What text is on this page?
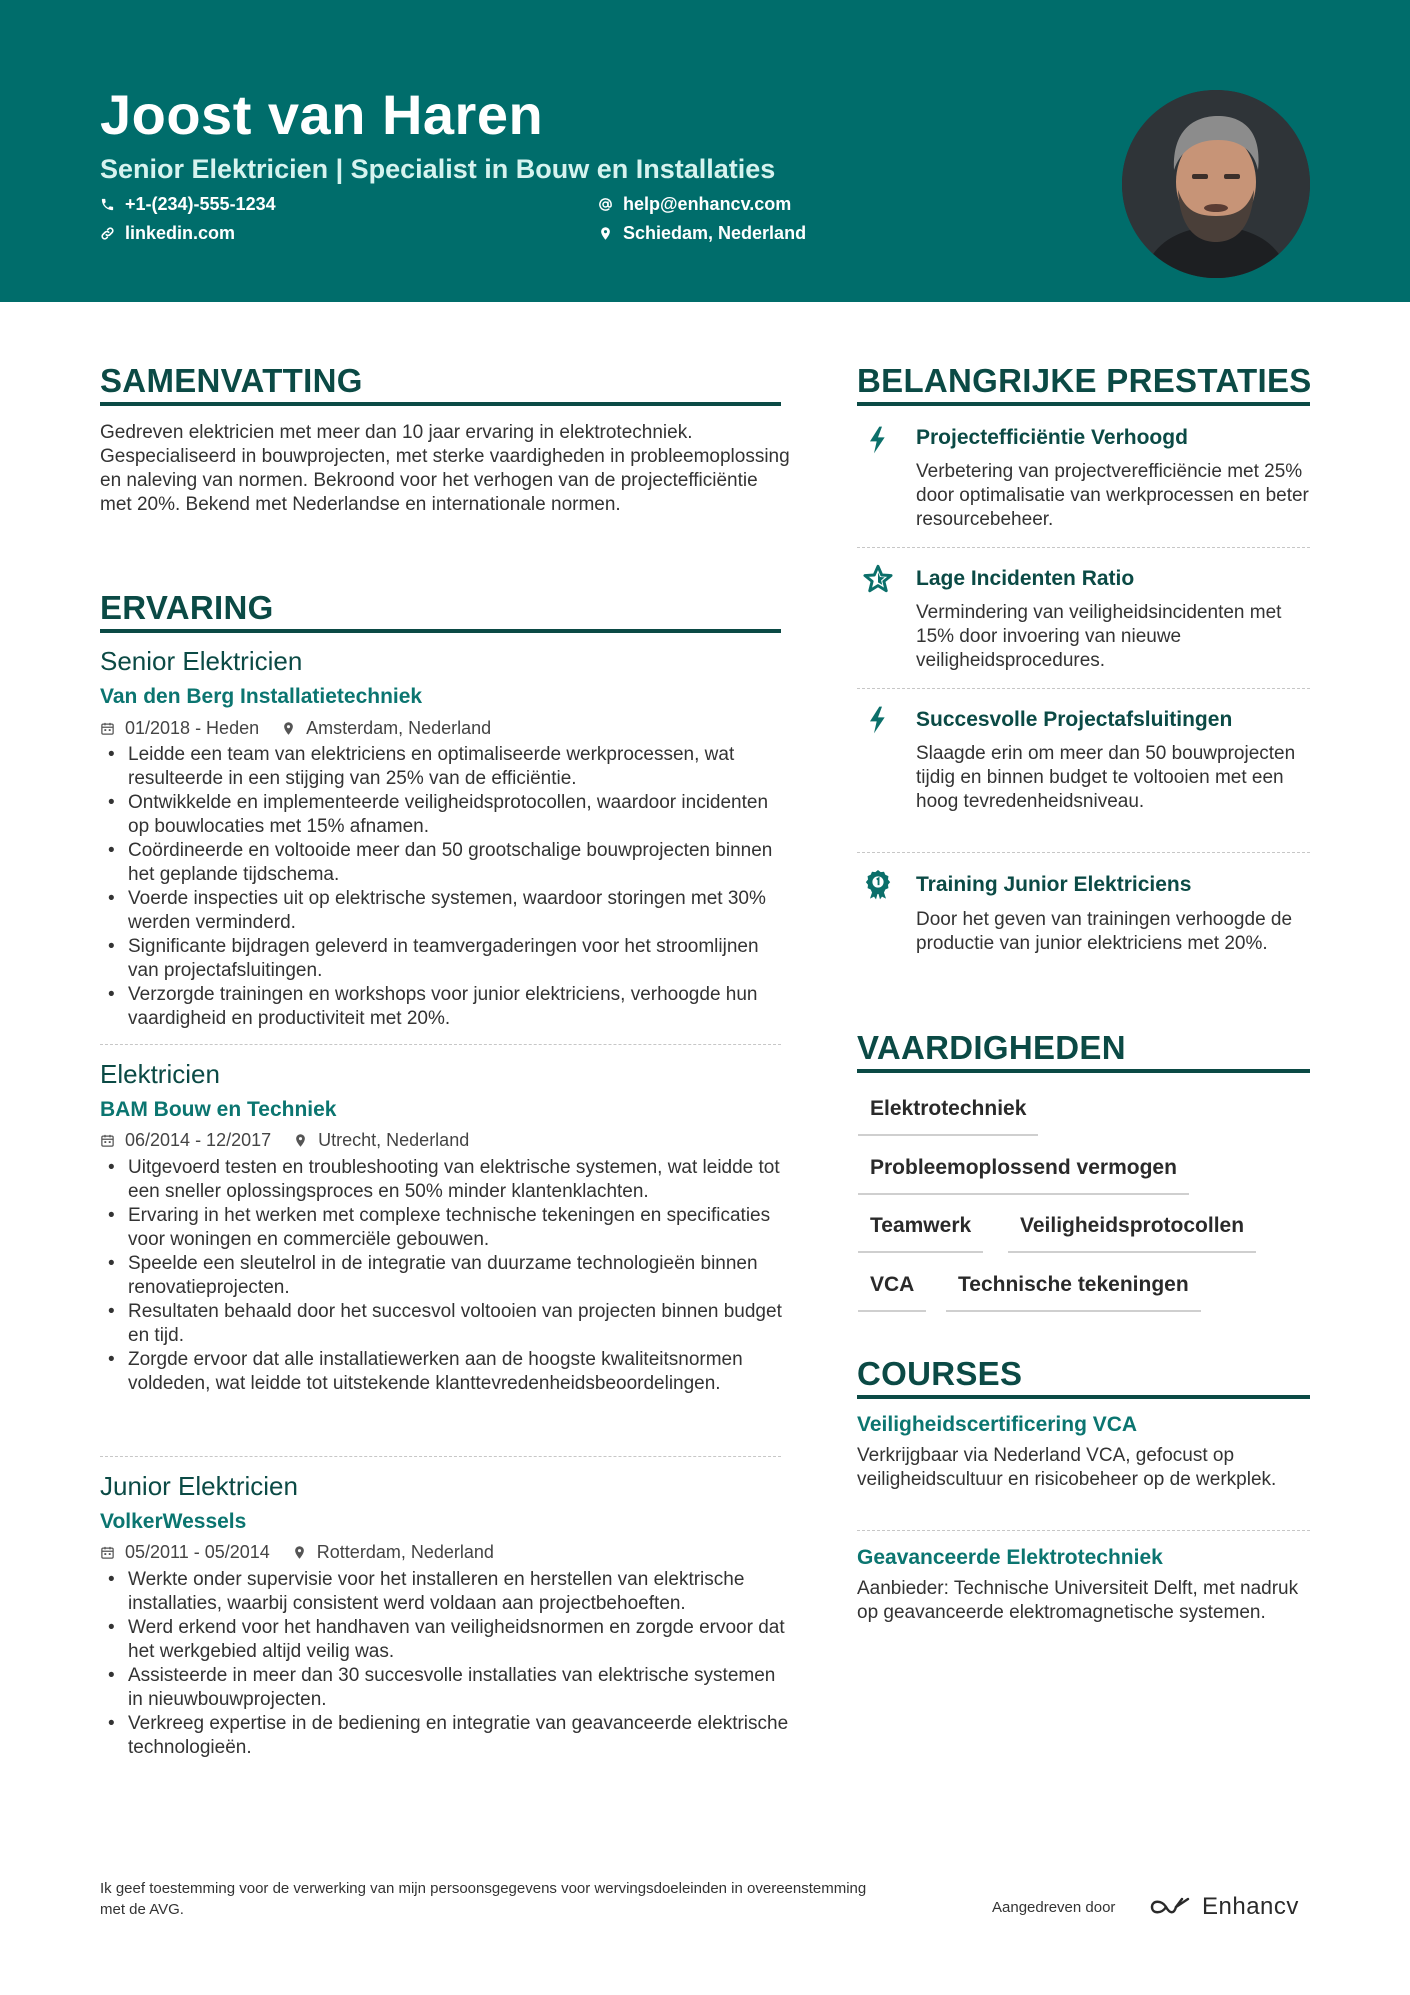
Joost van Haren
Senior Elektricien | Specialist in Bouw en Installaties
+1-(234)-555-1234	help@enhancv.com
linkedin.com	Schiedam, Nederland
SAMENVATTING
Gedreven elektricien met meer dan 10 jaar ervaring in elektrotechniek. Gespecialiseerd in bouwprojecten, met sterke vaardigheden in probleemoplossing en naleving van normen. Bekroond voor het verhogen van de projectefficiëntie met 20%. Bekend met Nederlandse en internationale normen.
ERVARING
Senior Elektricien
Van den Berg Installatietechniek
01/2018 - Heden	Amsterdam, Nederland
• Leidde een team van elektriciens en optimaliseerde werkprocessen, wat resulteerde in een stijging van 25% van de efficiëntie.
• Ontwikkelde en implementeerde veiligheidsprotocollen, waardoor incidenten op bouwlocaties met 15% afnamen.
• Coördineerde en voltooide meer dan 50 grootschalige bouwprojecten binnen het geplande tijdschema.
• Voerde inspecties uit op elektrische systemen, waardoor storingen met 30% werden verminderd.
• Significante bijdragen geleverd in teamvergaderingen voor het stroomlijnen van projectafsluitingen.
• Verzorgde trainingen en workshops voor junior elektriciens, verhoogde hun vaardigheid en productiviteit met 20%.
Elektricien
BAM Bouw en Techniek
06/2014 - 12/2017	Utrecht, Nederland
• Uitgevoerd testen en troubleshooting van elektrische systemen, wat leidde tot een sneller oplossingsproces en 50% minder klantenklachten.
• Ervaring in het werken met complexe technische tekeningen en specificaties voor woningen en commerciële gebouwen.
• Speelde een sleutelrol in de integratie van duurzame technologieën binnen renovatieprojecten.
• Resultaten behaald door het succesvol voltooien van projecten binnen budget en tijd.
• Zorgde ervoor dat alle installatiewerken aan de hoogste kwaliteitsnormen voldeden, wat leidde tot uitstekende klanttevredenheidsbeoordelingen.
Junior Elektricien
VolkerWessels
05/2011 - 05/2014	Rotterdam, Nederland
• Werkte onder supervisie voor het installeren en herstellen van elektrische installaties, waarbij consistent werd voldaan aan projectbehoeften.
• Werd erkend voor het handhaven van veiligheidsnormen en zorgde ervoor dat het werkgebied altijd veilig was.
• Assisteerde in meer dan 30 succesvolle installaties van elektrische systemen in nieuwbouwprojecten.
• Verkreeg expertise in de bediening en integratie van geavanceerde elektrische technologieën.
BELANGRIJKE PRESTATIES
Projectefficiëntie Verhoogd
Verbetering van projectverefficiëncie met 25% door optimalisatie van werkprocessen en beter resourcebeheer.
Lage Incidenten Ratio
Vermindering van veiligheidsincidenten met 15% door invoering van nieuwe veiligheidsprocedures.
Succesvolle Projectafsluitingen
Slaagde erin om meer dan 50 bouwprojecten tijdig en binnen budget te voltooien met een hoog tevredenheidsniveau.
Training Junior Elektriciens
Door het geven van trainingen verhoogde de productie van junior elektriciens met 20%.
VAARDIGHEDEN
Elektrotechniek
Probleemoplossend vermogen
Teamwerk	Veiligheidsprotocollen
VCA	Technische tekeningen
COURSES
Veiligheidscertificering VCA
Verkrijgbaar via Nederland VCA, gefocust op veiligheidscultuur en risicobeheer op de werkplek.
Geavanceerde Elektrotechniek
Aanbieder: Technische Universiteit Delft, met nadruk op geavanceerde elektromagnetische systemen.
Ik geef toestemming voor de verwerking van mijn persoonsgegevens voor wervingsdoeleinden in overeenstemming met de AVG.	Aangedreven door	Enhancv
